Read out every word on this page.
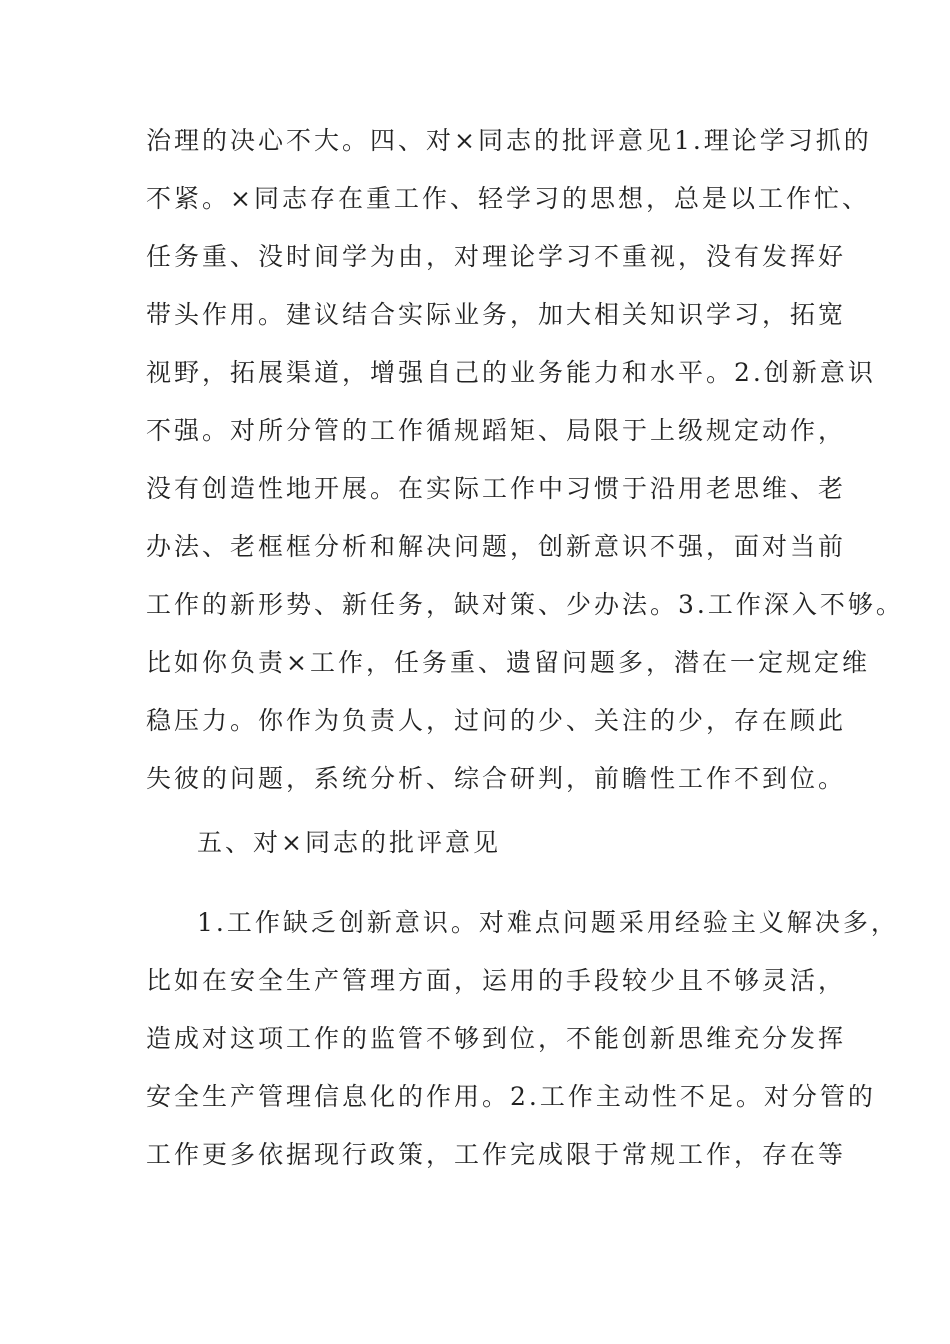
治理的决心不大。四、对×同志的批评意见1.理论学习抓的

不紧。×同志存在重工作、轻学习的思想，总是以工作忙、

任务重、没时间学为由，对理论学习不重视，没有发挥好

带头作用。建议结合实际业务，加大相关知识学习，拓宽

视野，拓展渠道，增强自己的业务能力和水平。2.创新意识

不强。对所分管的工作循规蹈矩、局限于上级规定动作，

没有创造性地开展。在实际工作中习惯于沿用老思维、老

办法、老框框分析和解决问题，创新意识不强，面对当前

工作的新形势、新任务，缺对策、少办法。3.工作深入不够。

比如你负责×工作，任务重、遗留问题多，潜在一定规定维

稳压力。你作为负责人，过问的少、关注的少，存在顾此

失彼的问题，系统分析、综合研判，前瞻性工作不到位。

五、对×同志的批评意见

1.工作缺乏创新意识。对难点问题采用经验主义解决多，

比如在安全生产管理方面，运用的手段较少且不够灵活，

造成对这项工作的监管不够到位，不能创新思维充分发挥

安全生产管理信息化的作用。2.工作主动性不足。对分管的

工作更多依据现行政策，工作完成限于常规工作，存在等
